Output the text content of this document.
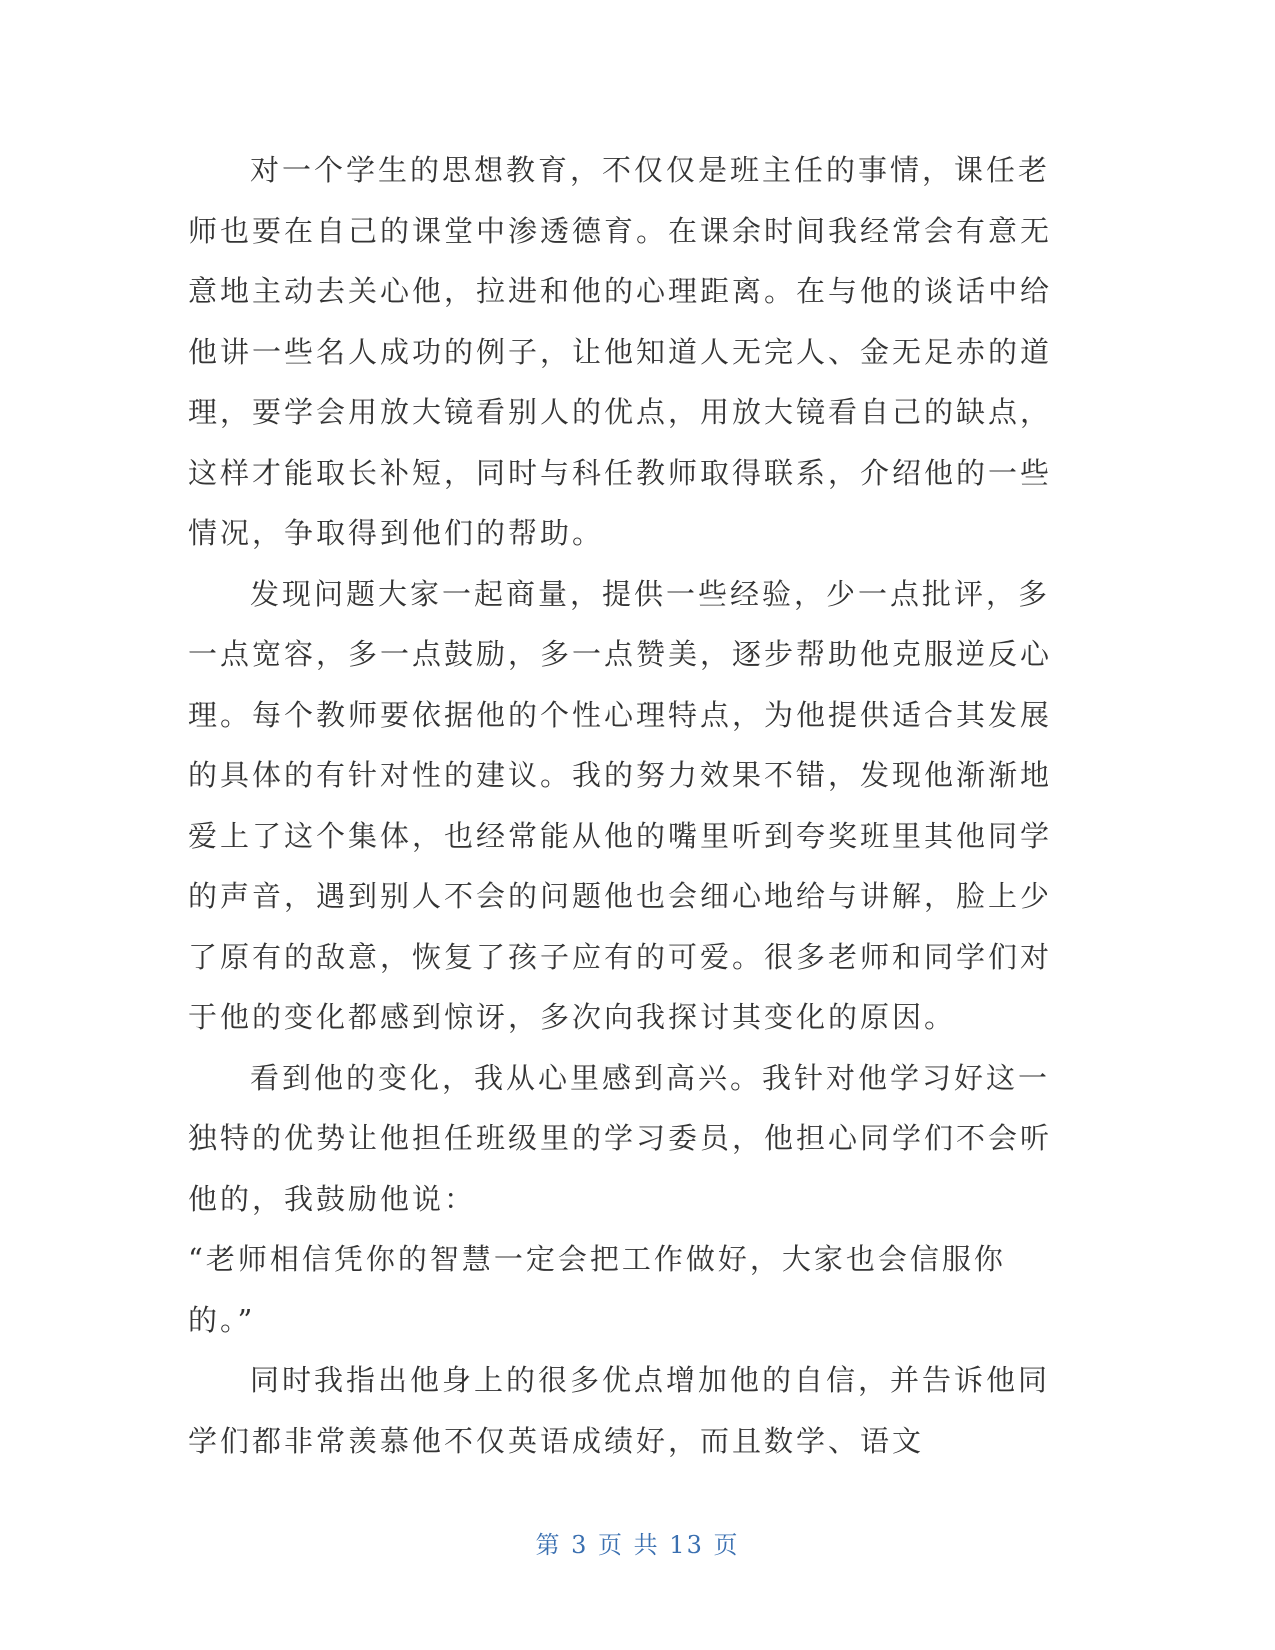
对一个学生的思想教育，不仅仅是班主任的事情，课任老师也要在自己的课堂中渗透德育。在课余时间我经常会有意无意地主动去关心他，拉进和他的心理距离。在与他的谈话中给他讲一些名人成功的例子，让他知道人无完人、金无足赤的道理，要学会用放大镜看别人的优点，用放大镜看自己的缺点，这样才能取长补短，同时与科任教师取得联系，介绍他的一些情况，争取得到他们的帮助。

发现问题大家一起商量，提供一些经验，少一点批评，多一点宽容，多一点鼓励，多一点赞美，逐步帮助他克服逆反心理。每个教师要依据他的个性心理特点，为他提供适合其发展的具体的有针对性的建议。我的努力效果不错，发现他渐渐地爱上了这个集体，也经常能从他的嘴里听到夸奖班里其他同学的声音，遇到别人不会的问题他也会细心地给与讲解，脸上少了原有的敌意，恢复了孩子应有的可爱。很多老师和同学们对于他的变化都感到惊讶，多次向我探讨其变化的原因。

看到他的变化，我从心里感到高兴。我针对他学习好这一独特的优势让他担任班级里的学习委员，他担心同学们不会听他的，我鼓励他说：

“老师相信凭你的智慧一定会把工作做好，大家也会信服你的。”

同时我指出他身上的很多优点增加他的自信，并告诉他同学们都非常羡慕他不仅英语成绩好，而且数学、语文

第 3 页 共 13 页
